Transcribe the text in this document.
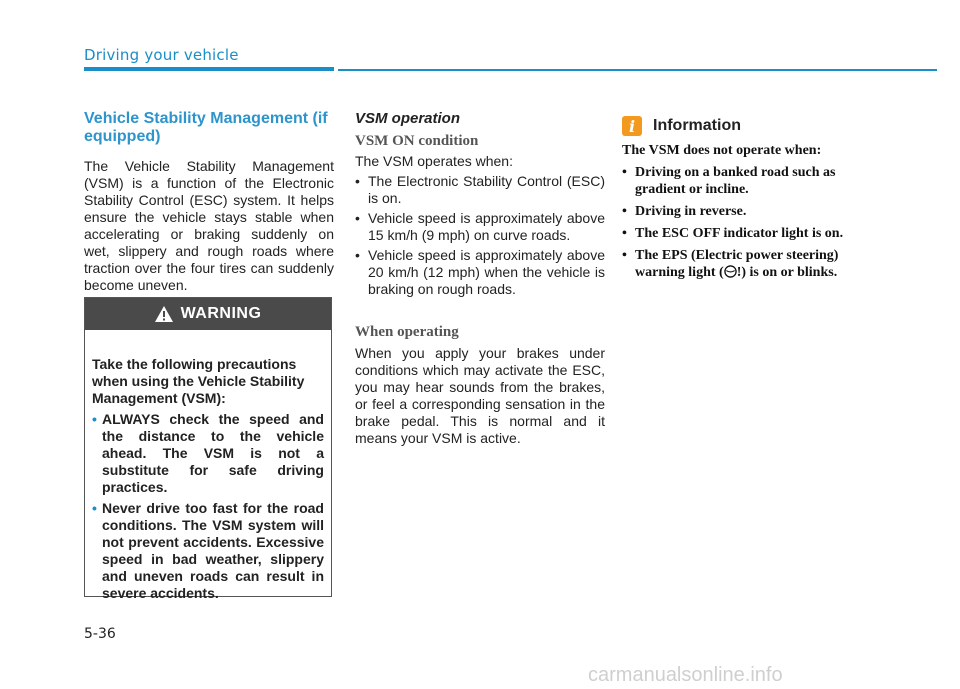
Driving your vehicle
Vehicle Stability Management (if equipped)

The Vehicle Stability Management (VSM) is a function of the Electronic Stability Control (ESC) system. It helps ensure the vehicle stays stable when accelerating or braking suddenly on wet, slippery and rough roads where traction over the four tires can suddenly become uneven.

WARNING

Take the following precautions when using the Vehicle Stability Management (VSM):

• ALWAYS check the speed and the distance to the vehicle ahead. The VSM is not a substitute for safe driving practices.
• Never drive too fast for the road conditions. The VSM system will not prevent accidents. Excessive speed in bad weather, slippery and uneven roads can result in severe accidents.
VSM operation
VSM ON condition

The VSM operates when:

• The Electronic Stability Control (ESC) is on.
• Vehicle speed is approximately above 15 km/h (9 mph) on curve roads.
• Vehicle speed is approximately above 20 km/h (12 mph) when the vehicle is braking on rough roads.
When operating

When you apply your brakes under conditions which may activate the ESC, you may hear sounds from the brakes, or feel a corresponding sensation in the brake pedal. This is normal and it means your VSM is active.

i	Information
The VSM does not operate when:
• Driving on a banked road such as gradient or incline.
• Driving in reverse.
• The ESC OFF indicator light is on.
• The EPS (Electric power steering) warning light ( !) is on or blinks.
5-36
carmanualsonline.info
